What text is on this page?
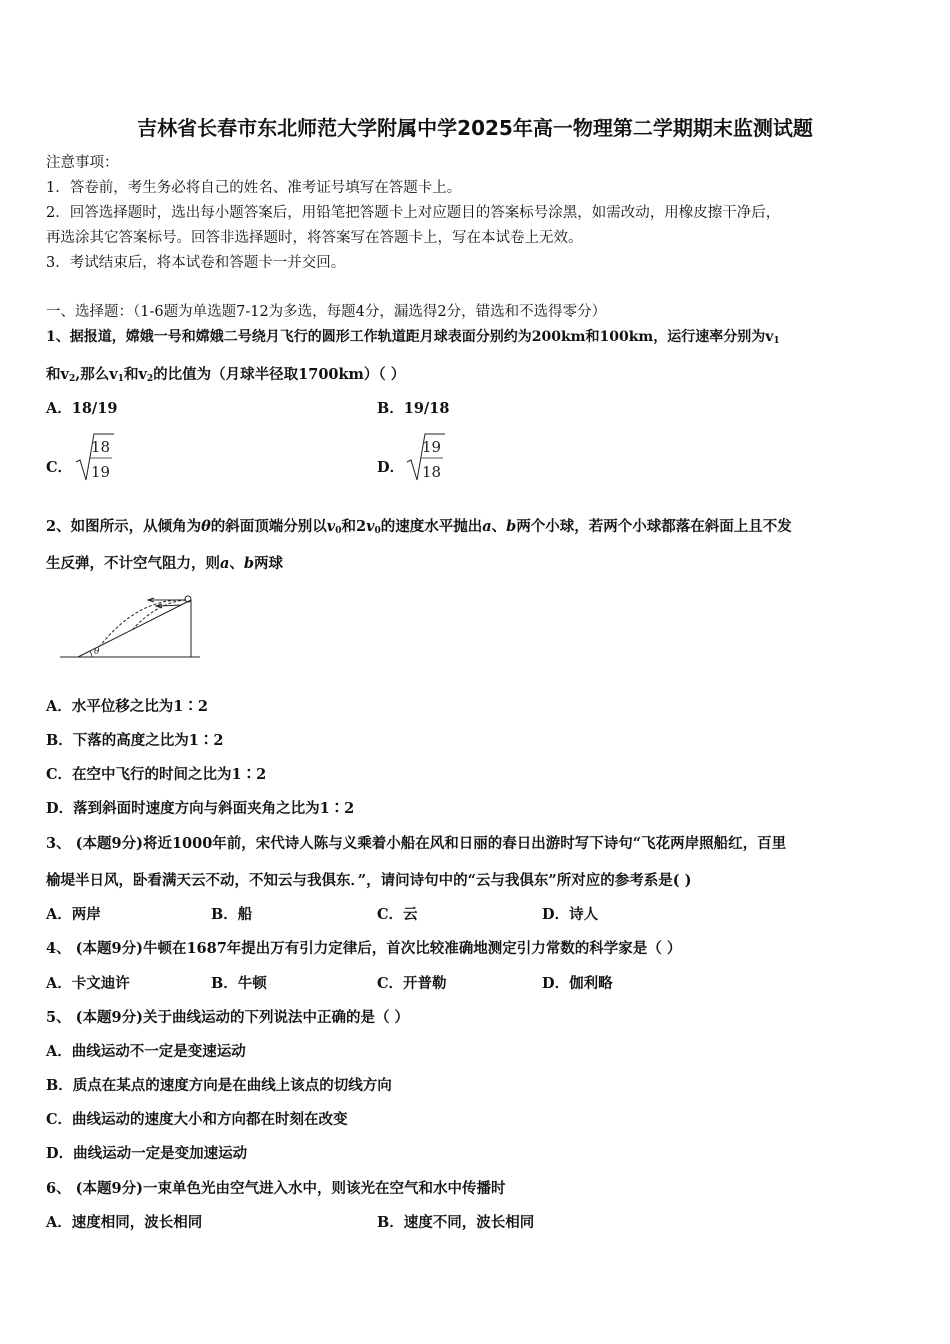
吉林省长春市东北师范大学附属中学2025年高一物理第二学期期末监测试题
注意事项：
1．答卷前，考生务必将自己的姓名、准考证号填写在答题卡上。
2．回答选择题时，选出每小题答案后，用铅笔把答题卡上对应题目的答案标号涂黑，如需改动，用橡皮擦干净后，
再选涂其它答案标号。回答非选择题时，将答案写在答题卡上，写在本试卷上无效。
3．考试结束后，将本试卷和答题卡一并交回。
一、选择题：（1-6题为单选题7-12为多选，每题4分，漏选得2分，错选和不选得零分）
1、据报道，嫦娥一号和嫦娥二号绕月飞行的圆形工作轨道距月球表面分别约为200km和100km，运行速率分别为$v_1$
和$v_2$,那么$v_1$和$v_2$的比值为（月球半径取1700km）（ ）
A．18/19	B．19/18
C．
18
19	D．
19
18
2、如图所示，从倾角为θ的斜面顶端分别以$v_0$和$2v_0$的速度水平抛出a、b两个小球，若两个小球都落在斜面上且不发
生反弹，不计空气阻力，则a、b两球
θ
A．水平位移之比为1∶2
B．下落的高度之比为1∶2
C．在空中飞行的时间之比为1∶2
D．落到斜面时速度方向与斜面夹角之比为1∶2
3、 (本题9分)将近1000年前，宋代诗人陈与义乘着小船在风和日丽的春日出游时写下诗句“飞花两岸照船红，百里
榆堤半日风，卧看满天云不动，不知云与我俱东．”，请问诗句中的“云与我俱东”所对应的参考系是( )
A．两岸	B．船	C．云	D．诗人
4、 (本题9分)牛顿在1687年提出万有引力定律后，首次比较准确地测定引力常数的科学家是（ ）
A．卡文迪许	B．牛顿	C．开普勒	D．伽利略
5、 (本题9分)关于曲线运动的下列说法中正确的是（ ）
A．曲线运动不一定是变速运动
B．质点在某点的速度方向是在曲线上该点的切线方向
C．曲线运动的速度大小和方向都在时刻在改变
D．曲线运动一定是变加速运动
6、 (本题9分)一束单色光由空气进入水中，则该光在空气和水中传播时
A．速度相同，波长相同	B．速度不同，波长相同
